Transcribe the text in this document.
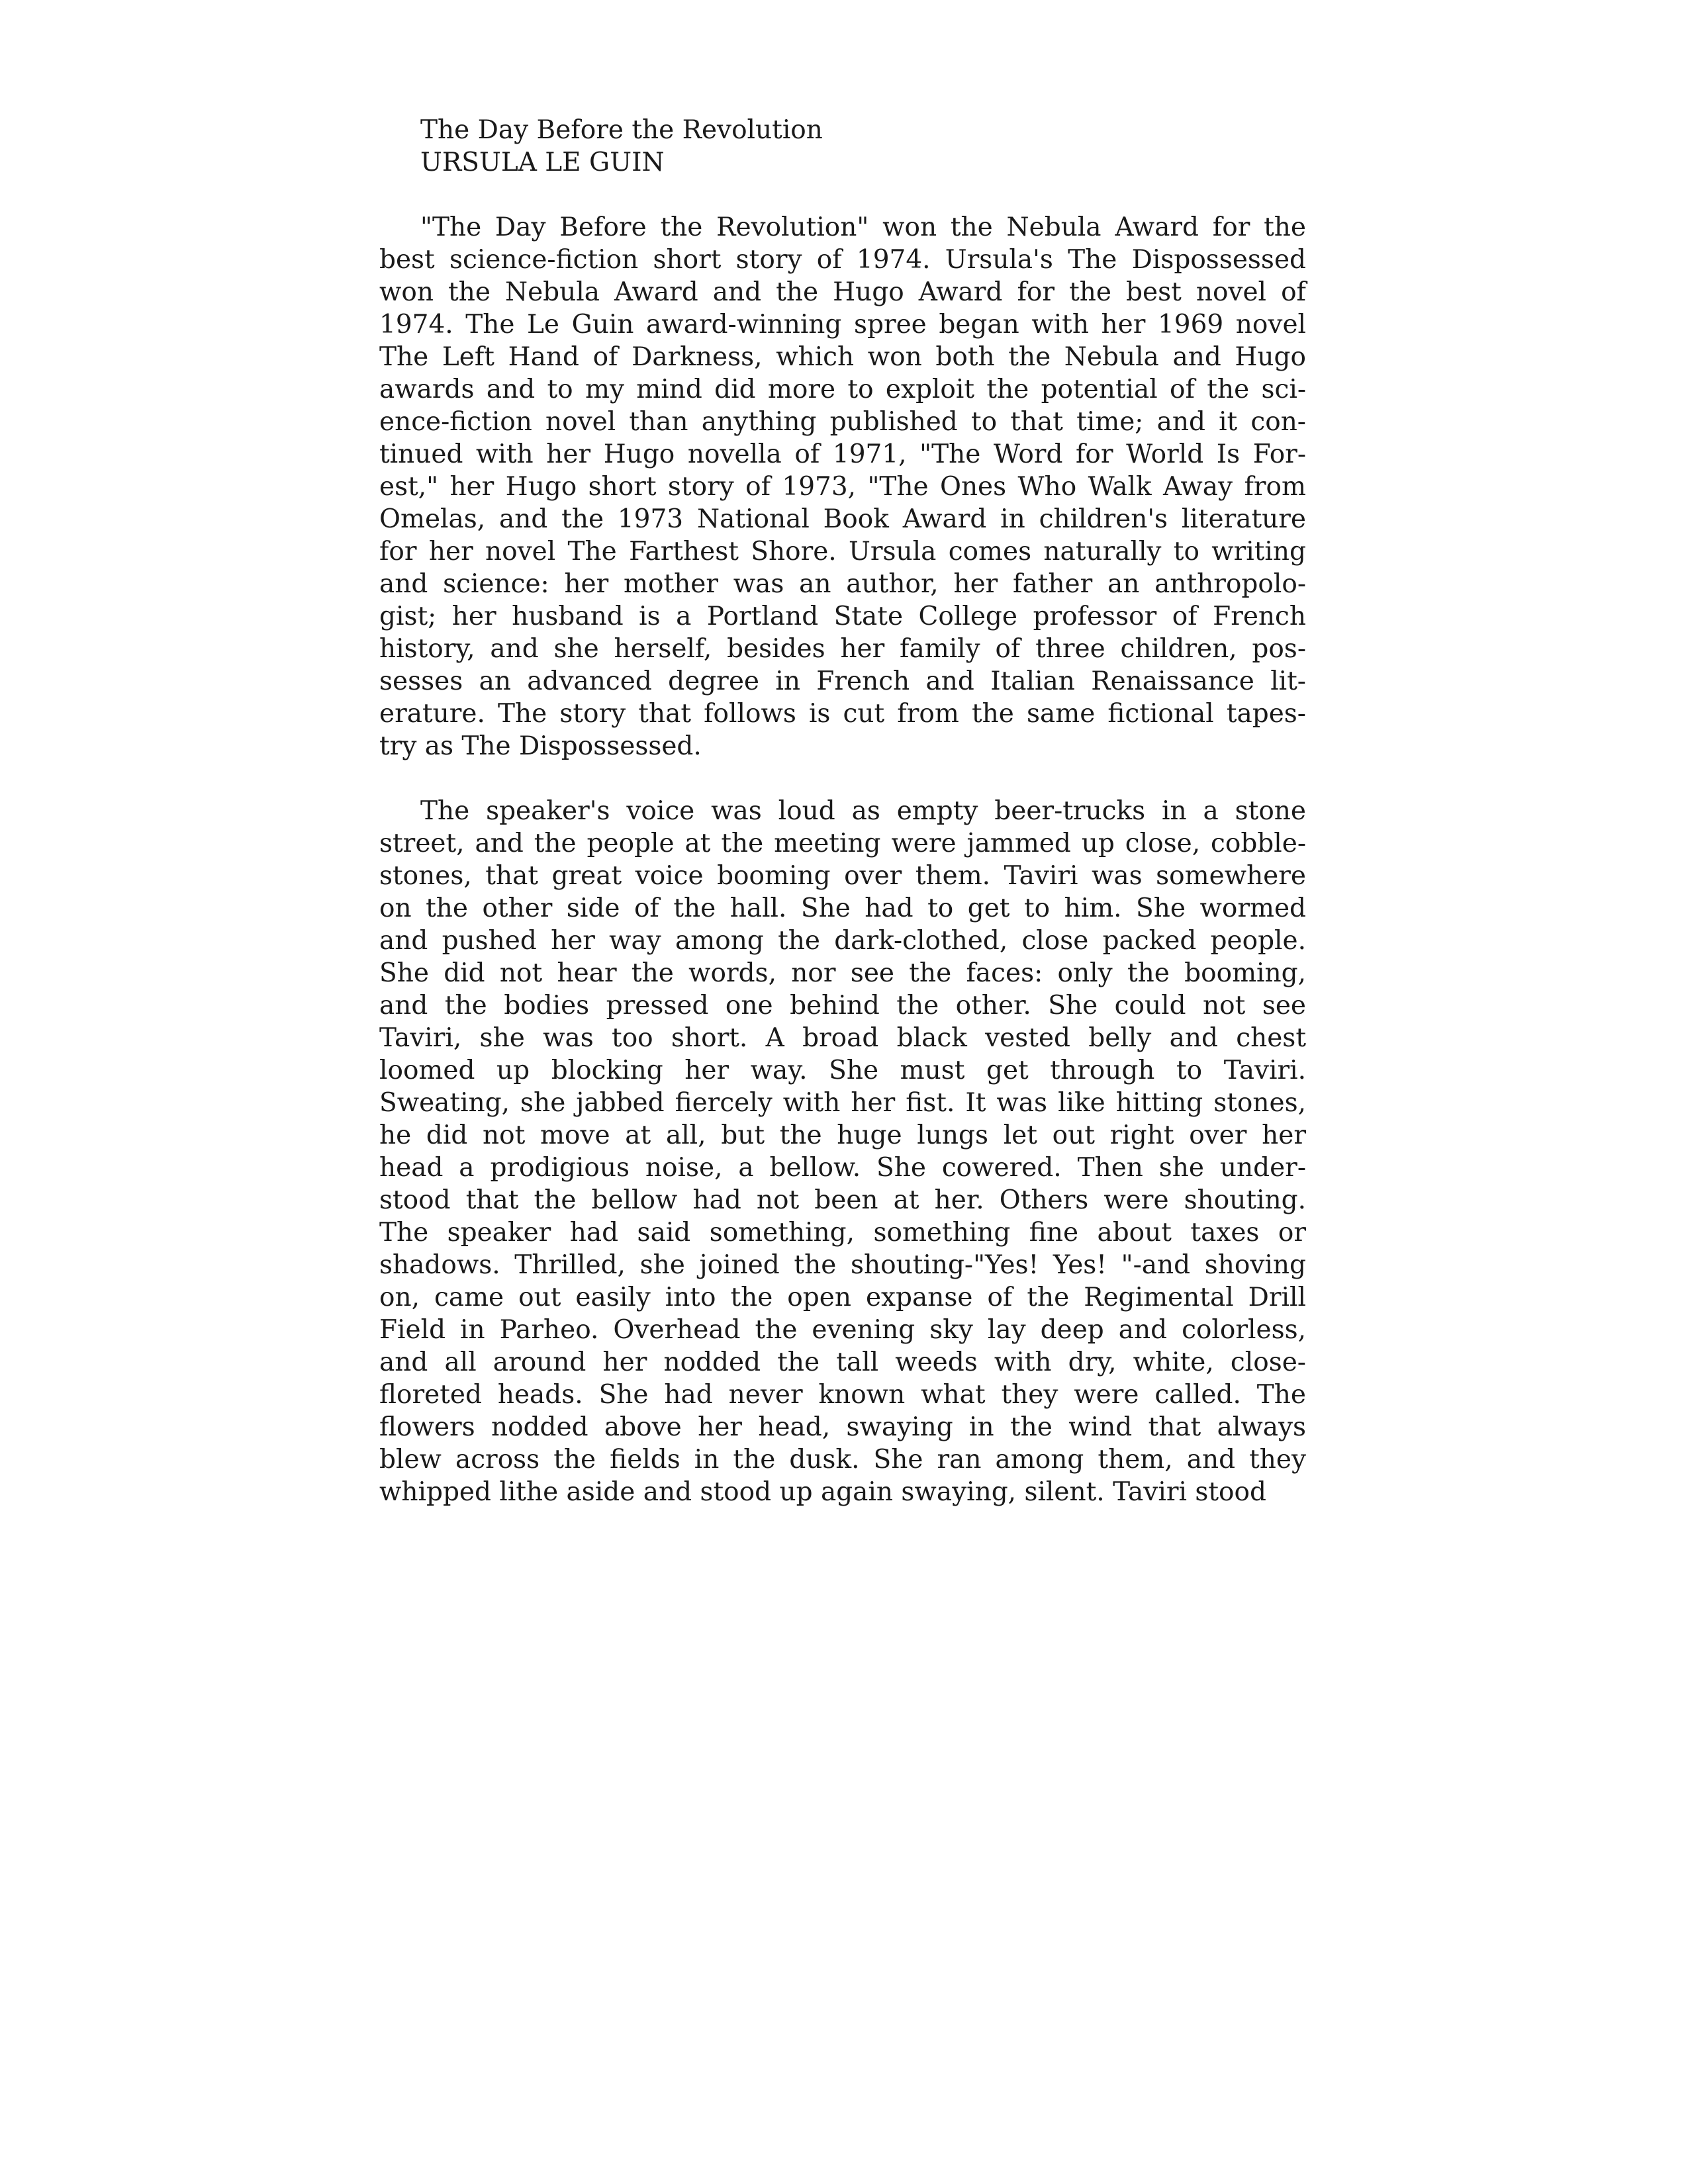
The Day Before the Revolution
URSULA LE GUIN
"The Day Before the Revolution" won the Nebula Award for the
best science-fiction short story of 1974. Ursula's The Dispossessed
won the Nebula Award and the Hugo Award for the best novel of
1974. The Le Guin award-winning spree began with her 1969 novel
The Left Hand of Darkness, which won both the Nebula and Hugo
awards and to my mind did more to exploit the potential of the sci-
ence-fiction novel than anything published to that time; and it con-
tinued with her Hugo novella of 1971, "The Word for World Is For-
est," her Hugo short story of 1973, "The Ones Who Walk Away from
Omelas, and the 1973 National Book Award in children's literature
for her novel The Farthest Shore. Ursula comes naturally to writing
and science: her mother was an author, her father an anthropolo-
gist; her husband is a Portland State College professor of French
history, and she herself, besides her family of three children, pos-
sesses an advanced degree in French and Italian Renaissance lit-
erature. The story that follows is cut from the same fictional tapes-
try as The Dispossessed.
The speaker's voice was loud as empty beer-trucks in a stone
street, and the people at the meeting were jammed up close, cobble-
stones, that great voice booming over them. Taviri was somewhere
on the other side of the hall. She had to get to him. She wormed
and pushed her way among the dark-clothed, close packed people.
She did not hear the words, nor see the faces: only the booming,
and the bodies pressed one behind the other. She could not see
Taviri, she was too short. A broad black vested belly and chest
loomed up blocking her way. She must get through to Taviri.
Sweating, she jabbed fiercely with her fist. It was like hitting stones,
he did not move at all, but the huge lungs let out right over her
head a prodigious noise, a bellow. She cowered. Then she under-
stood that the bellow had not been at her. Others were shouting.
The speaker had said something, something fine about taxes or
shadows. Thrilled, she joined the shouting-"Yes! Yes! "-and shoving
on, came out easily into the open expanse of the Regimental Drill
Field in Parheo. Overhead the evening sky lay deep and colorless,
and all around her nodded the tall weeds with dry, white, close-
floreted heads. She had never known what they were called. The
flowers nodded above her head, swaying in the wind that always
blew across the fields in the dusk. She ran among them, and they
whipped lithe aside and stood up again swaying, silent. Taviri stood
